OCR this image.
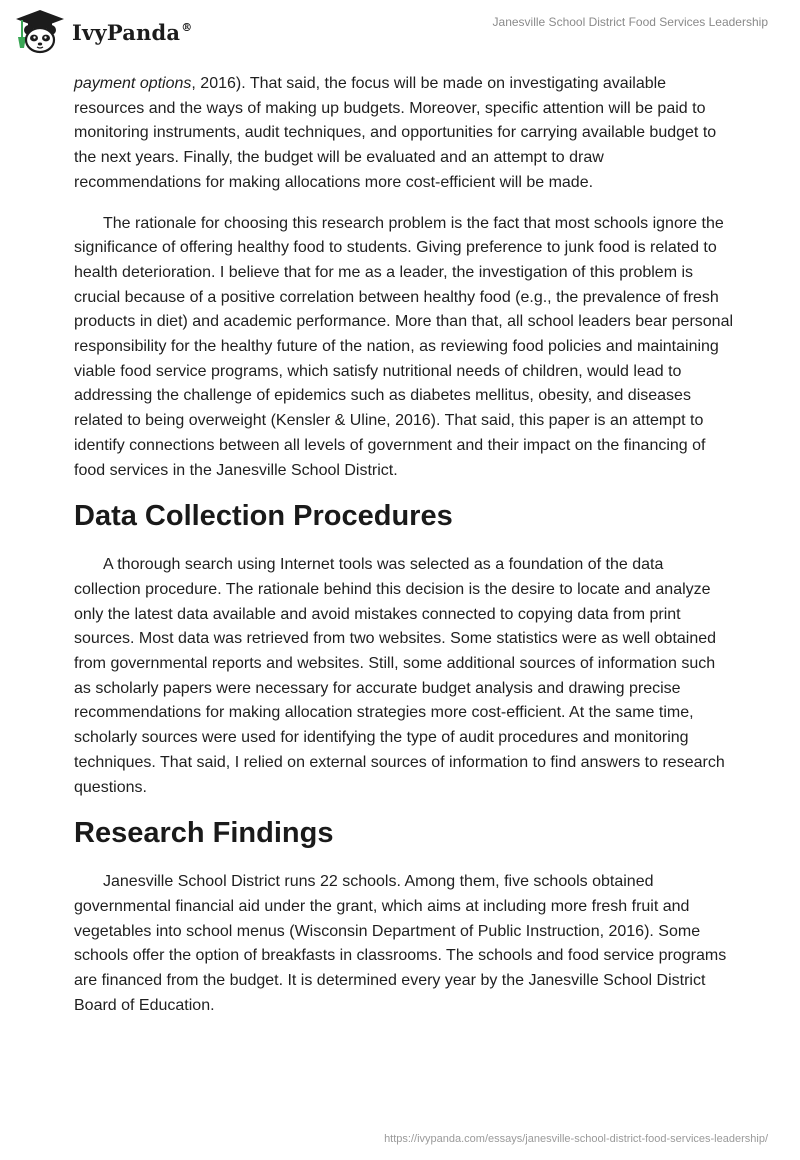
IvyPanda®	Janesville School District Food Services Leadership

payment options, 2016). That said, the focus will be made on investigating available resources and the ways of making up budgets. Moreover, specific attention will be paid to monitoring instruments, audit techniques, and opportunities for carrying available budget to the next years. Finally, the budget will be evaluated and an attempt to draw recommendations for making allocations more cost-efficient will be made.

The rationale for choosing this research problem is the fact that most schools ignore the significance of offering healthy food to students. Giving preference to junk food is related to health deterioration. I believe that for me as a leader, the investigation of this problem is crucial because of a positive correlation between healthy food (e.g., the prevalence of fresh products in diet) and academic performance. More than that, all school leaders bear personal responsibility for the healthy future of the nation, as reviewing food policies and maintaining viable food service programs, which satisfy nutritional needs of children, would lead to addressing the challenge of epidemics such as diabetes mellitus, obesity, and diseases related to being overweight (Kensler & Uline, 2016). That said, this paper is an attempt to identify connections between all levels of government and their impact on the financing of food services in the Janesville School District.

Data Collection Procedures

A thorough search using Internet tools was selected as a foundation of the data collection procedure. The rationale behind this decision is the desire to locate and analyze only the latest data available and avoid mistakes connected to copying data from print sources. Most data was retrieved from two websites. Some statistics were as well obtained from governmental reports and websites. Still, some additional sources of information such as scholarly papers were necessary for accurate budget analysis and drawing precise recommendations for making allocation strategies more cost-efficient. At the same time, scholarly sources were used for identifying the type of audit procedures and monitoring techniques. That said, I relied on external sources of information to find answers to research questions.

Research Findings

Janesville School District runs 22 schools. Among them, five schools obtained governmental financial aid under the grant, which aims at including more fresh fruit and vegetables into school menus (Wisconsin Department of Public Instruction, 2016). Some schools offer the option of breakfasts in classrooms. The schools and food service programs are financed from the budget. It is determined every year by the Janesville School District Board of Education.

https://ivypanda.com/essays/janesville-school-district-food-services-leadership/
